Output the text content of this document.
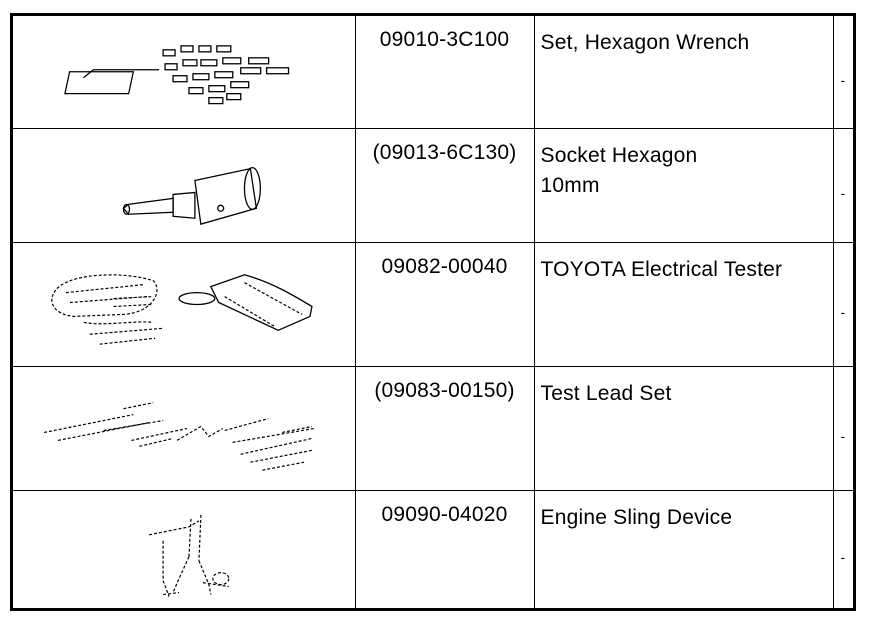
	09010-3C100	Set, Hexagon Wrench	-

	(09013-6C130)	Socket Hexagon
10mm	-

	09082-00040	TOYOTA Electrical Tester	-

	(09083-00150)	Test Lead Set	-

	09090-04020	Engine Sling Device	-
